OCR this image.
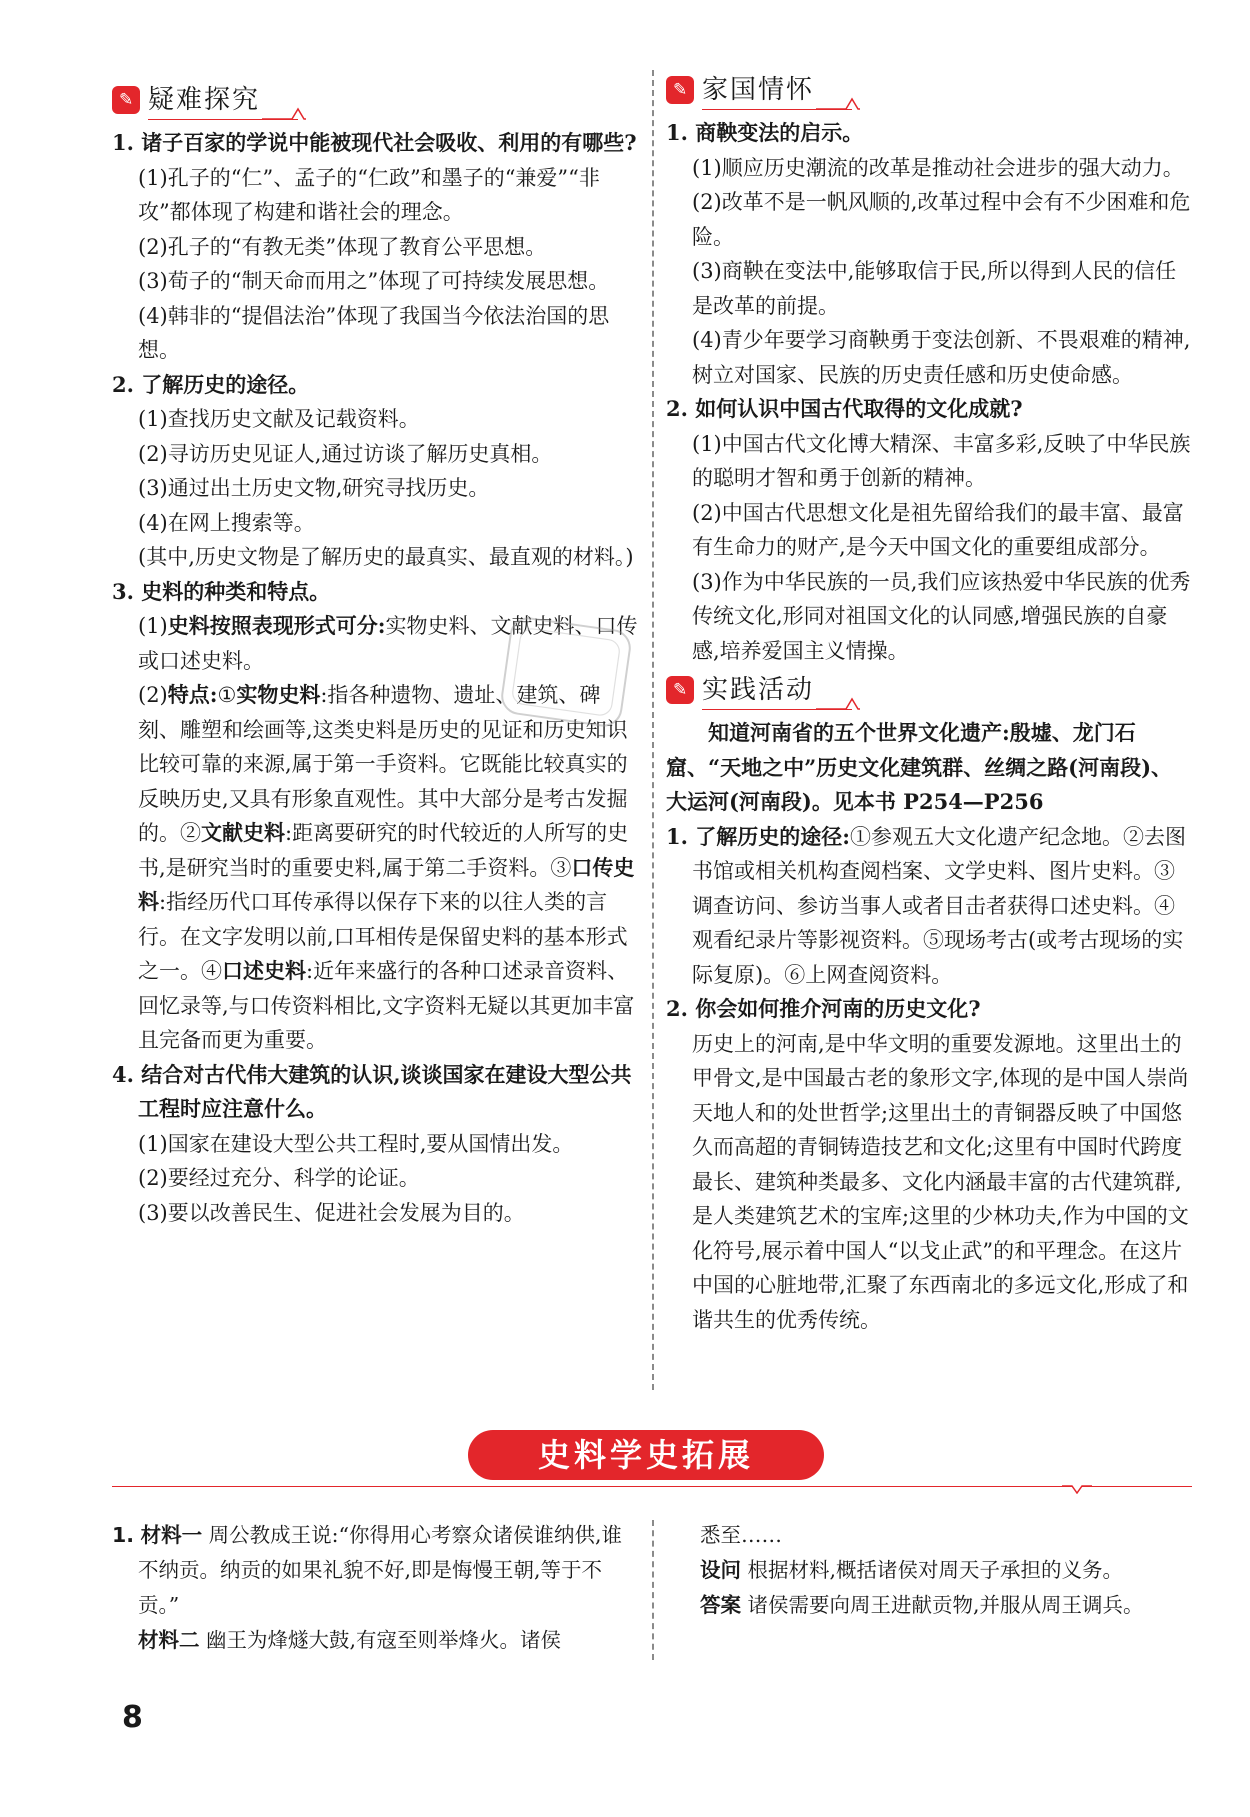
✎ 疑难探究

1. 诸子百家的学说中能被现代社会吸收、利用的有哪些?

(1)孔子的“仁”、孟子的“仁政”和墨子的“兼爱”“非攻”都体现了构建和谐社会的理念。

(2)孔子的“有教无类”体现了教育公平思想。

(3)荀子的“制天命而用之”体现了可持续发展思想。

(4)韩非的“提倡法治”体现了我国当今依法治国的思想。

2. 了解历史的途径。

(1)查找历史文献及记载资料。

(2)寻访历史见证人,通过访谈了解历史真相。

(3)通过出土历史文物,研究寻找历史。

(4)在网上搜索等。

(其中,历史文物是了解历史的最真实、最直观的材料。)

3. 史料的种类和特点。

(1)史料按照表现形式可分:实物史料、文献史料、口传或口述史料。

(2)特点:①实物史料:指各种遗物、遗址、建筑、碑刻、雕塑和绘画等,这类史料是历史的见证和历史知识比较可靠的来源,属于第一手资料。它既能比较真实的反映历史,又具有形象直观性。其中大部分是考古发掘的。②文献史料:距离要研究的时代较近的人所写的史书,是研究当时的重要史料,属于第二手资料。③口传史料:指经历代口耳传承得以保存下来的以往人类的言行。在文字发明以前,口耳相传是保留史料的基本形式之一。④口述史料:近年来盛行的各种口述录音资料、回忆录等,与口传资料相比,文字资料无疑以其更加丰富且完备而更为重要。

4. 结合对古代伟大建筑的认识,谈谈国家在建设大型公共工程时应注意什么。

(1)国家在建设大型公共工程时,要从国情出发。

(2)要经过充分、科学的论证。

(3)要以改善民生、促进社会发展为目的。

✎ 家国情怀

1. 商鞅变法的启示。

(1)顺应历史潮流的改革是推动社会进步的强大动力。

(2)改革不是一帆风顺的,改革过程中会有不少困难和危险。

(3)商鞅在变法中,能够取信于民,所以得到人民的信任是改革的前提。

(4)青少年要学习商鞅勇于变法创新、不畏艰难的精神,树立对国家、民族的历史责任感和历史使命感。

2. 如何认识中国古代取得的文化成就?

(1)中国古代文化博大精深、丰富多彩,反映了中华民族的聪明才智和勇于创新的精神。

(2)中国古代思想文化是祖先留给我们的最丰富、最富有生命力的财产,是今天中国文化的重要组成部分。

(3)作为中华民族的一员,我们应该热爱中华民族的优秀传统文化,形同对祖国文化的认同感,增强民族的自豪感,培养爱国主义情操。

✎ 实践活动

知道河南省的五个世界文化遗产:殷墟、龙门石窟、“天地之中”历史文化建筑群、丝绸之路(河南段)、大运河(河南段)。见本书 P254—P256

1. 了解历史的途径:①参观五大文化遗产纪念地。②去图书馆或相关机构查阅档案、文学史料、图片史料。③调查访问、参访当事人或者目击者获得口述史料。④观看纪录片等影视资料。⑤现场考古(或考古现场的实际复原)。⑥上网查阅资料。

2. 你会如何推介河南的历史文化?

历史上的河南,是中华文明的重要发源地。这里出土的甲骨文,是中国最古老的象形文字,体现的是中国人崇尚天地人和的处世哲学;这里出土的青铜器反映了中国悠久而高超的青铜铸造技艺和文化;这里有中国时代跨度最长、建筑种类最多、文化内涵最丰富的古代建筑群,是人类建筑艺术的宝库;这里的少林功夫,作为中国的文化符号,展示着中国人“以戈止武”的和平理念。在这片中国的心脏地带,汇聚了东西南北的多远文化,形成了和谐共生的优秀传统。

史料学史拓展

1. 材料一 周公教成王说:“你得用心考察众诸侯谁纳供,谁不纳贡。纳贡的如果礼貌不好,即是悔慢王朝,等于不贡。”

材料二 幽王为烽燧大鼓,有寇至则举烽火。诸侯

悉至……

设问 根据材料,概括诸侯对周天子承担的义务。

答案 诸侯需要向周王进献贡物,并服从周王调兵。

8
